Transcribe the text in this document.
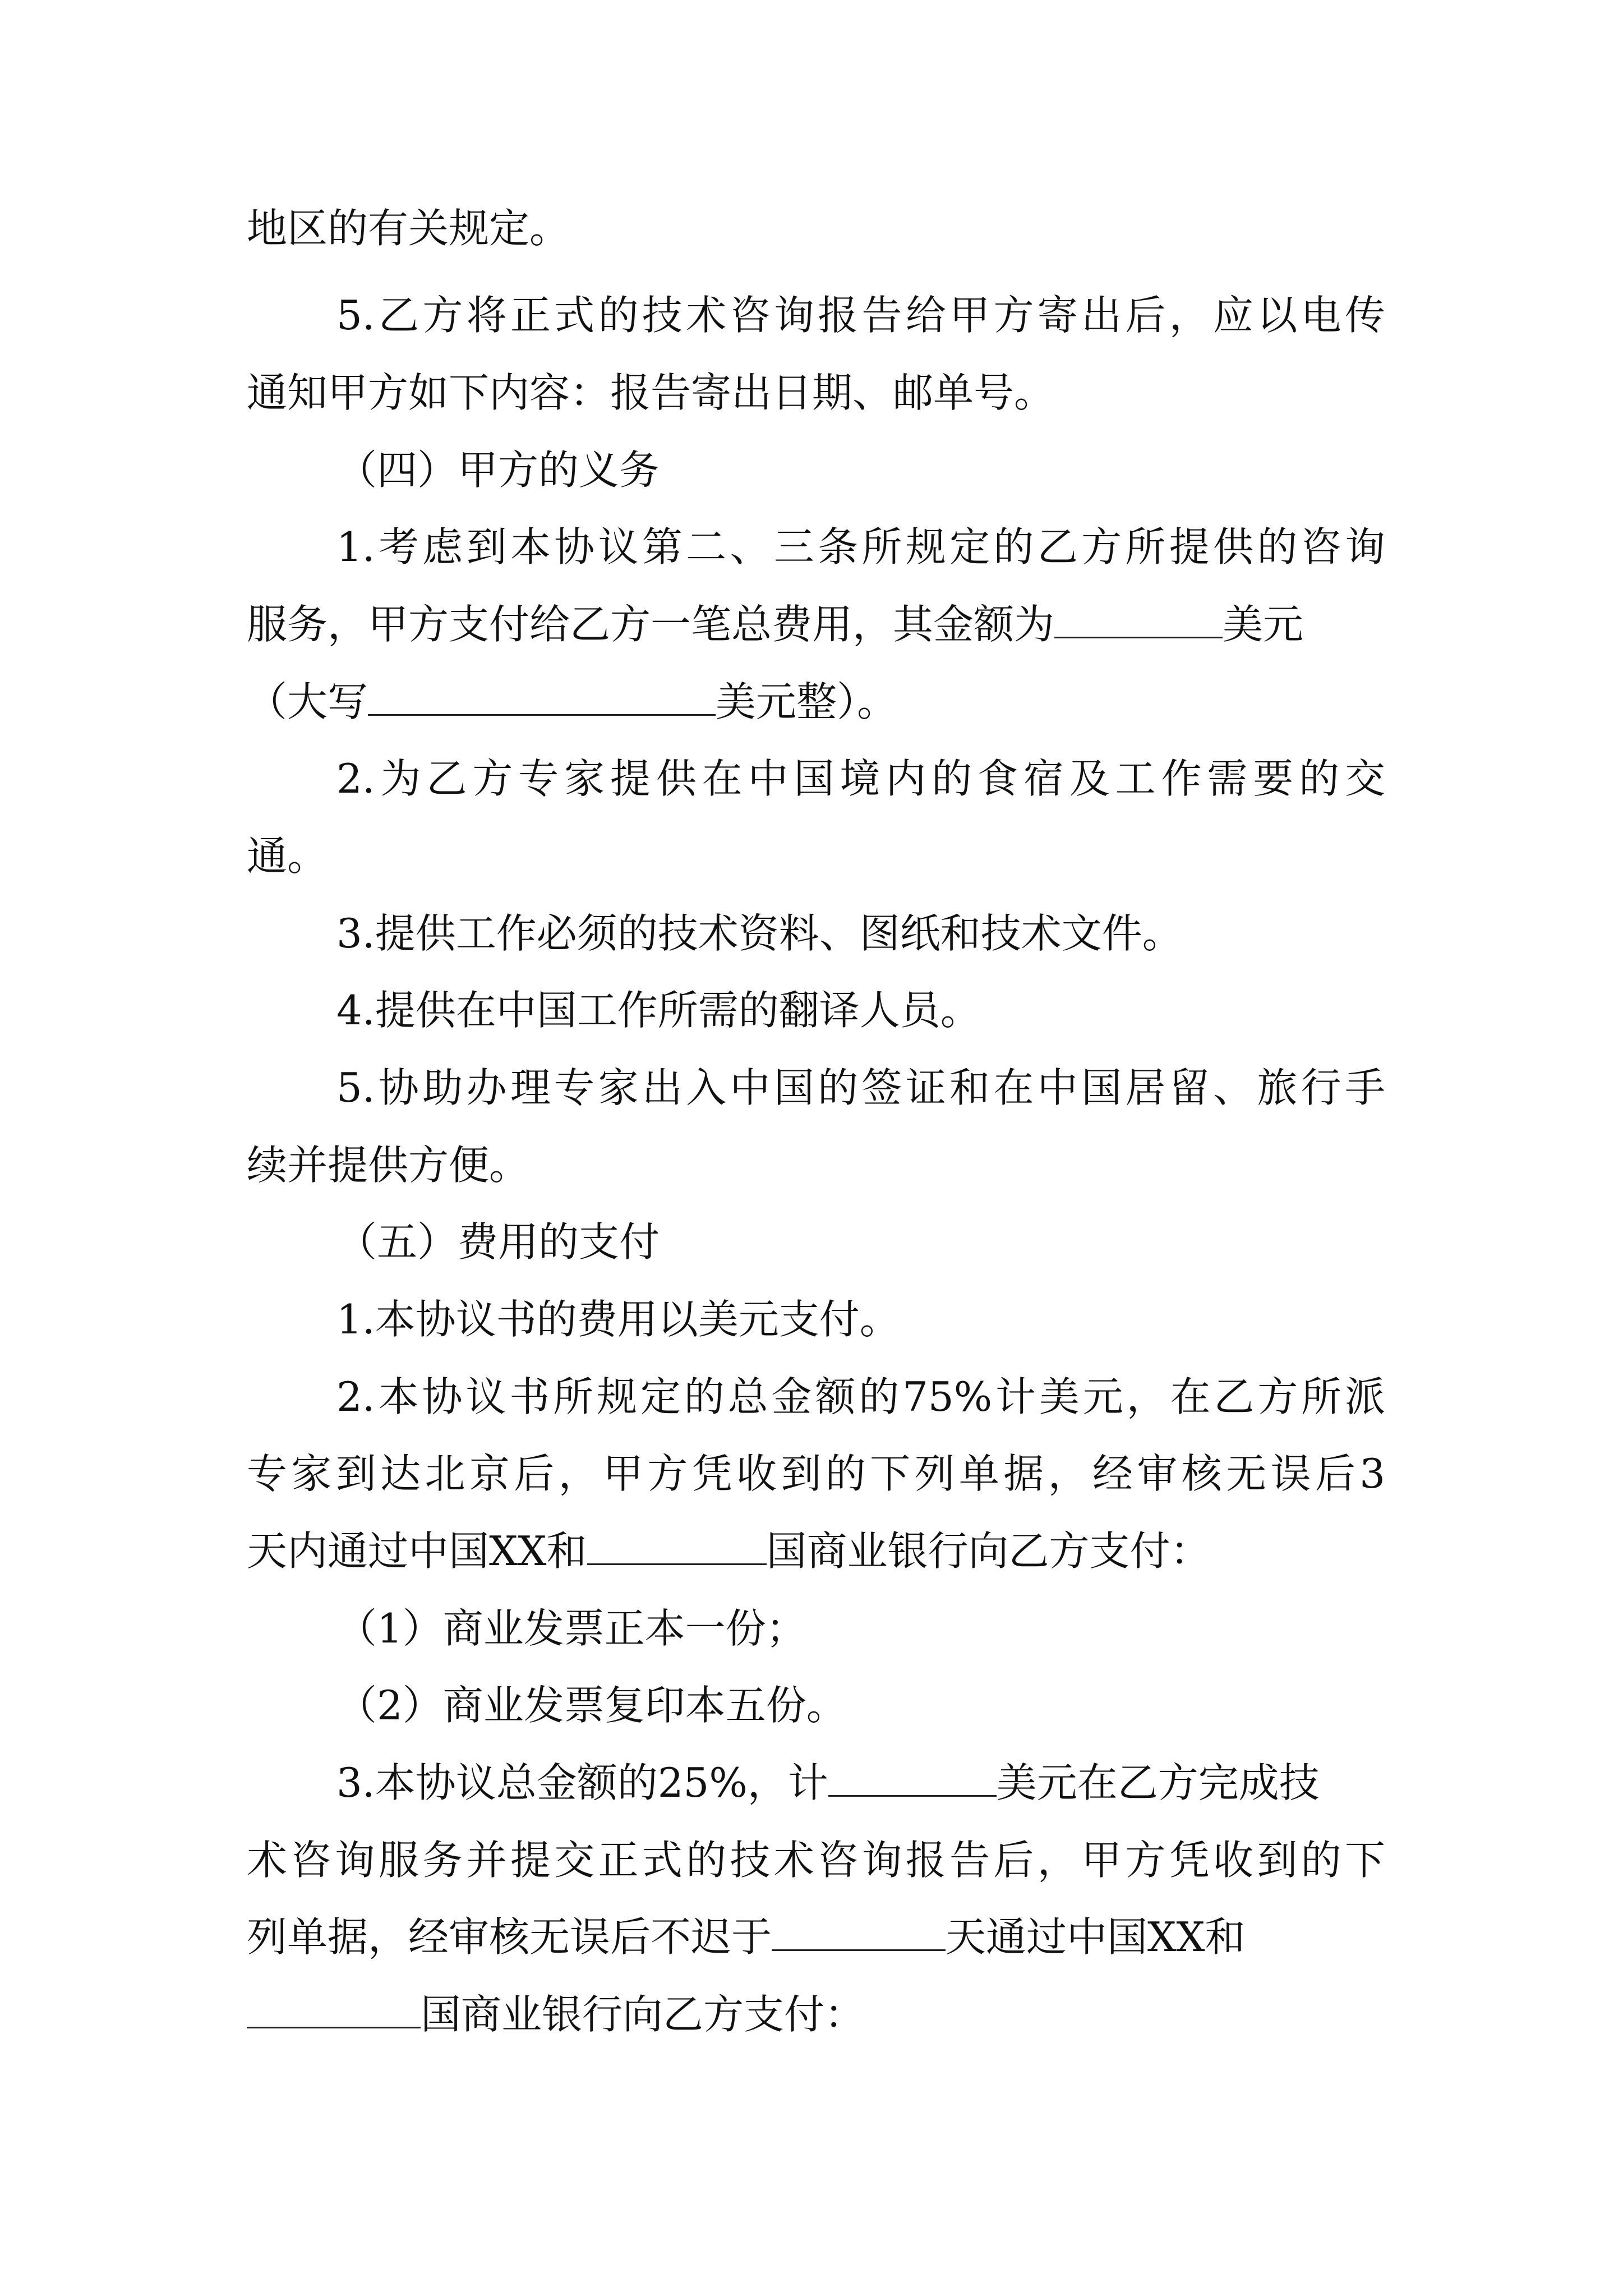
地区的有关规定。
5.乙方将正式的技术咨询报告给甲方寄出后，应以电传
通知甲方如下内容：报告寄出日期、邮单号。
（四）甲方的义务
1.考虑到本协议第二、三条所规定的乙方所提供的咨询
服务，甲方支付给乙方一笔总费用，其金额为	美元
（大写	美元整）。
2.为乙方专家提供在中国境内的食宿及工作需要的交
通。
3.提供工作必须的技术资料、图纸和技术文件。
4.提供在中国工作所需的翻译人员。
5.协助办理专家出入中国的签证和在中国居留、旅行手
续并提供方便。
（五）费用的支付
1.本协议书的费用以美元支付。
2.本协议书所规定的总金额的75%计美元，在乙方所派
专家到达北京后，甲方凭收到的下列单据，经审核无误后3
天内通过中国XX和	国商业银行向乙方支付：
（1）商业发票正本一份；
（2）商业发票复印本五份。
3.本协议总金额的25%，计	美元在乙方完成技
术咨询服务并提交正式的技术咨询报告后，甲方凭收到的下
列单据，经审核无误后不迟于	天通过中国XX和
国商业银行向乙方支付：
